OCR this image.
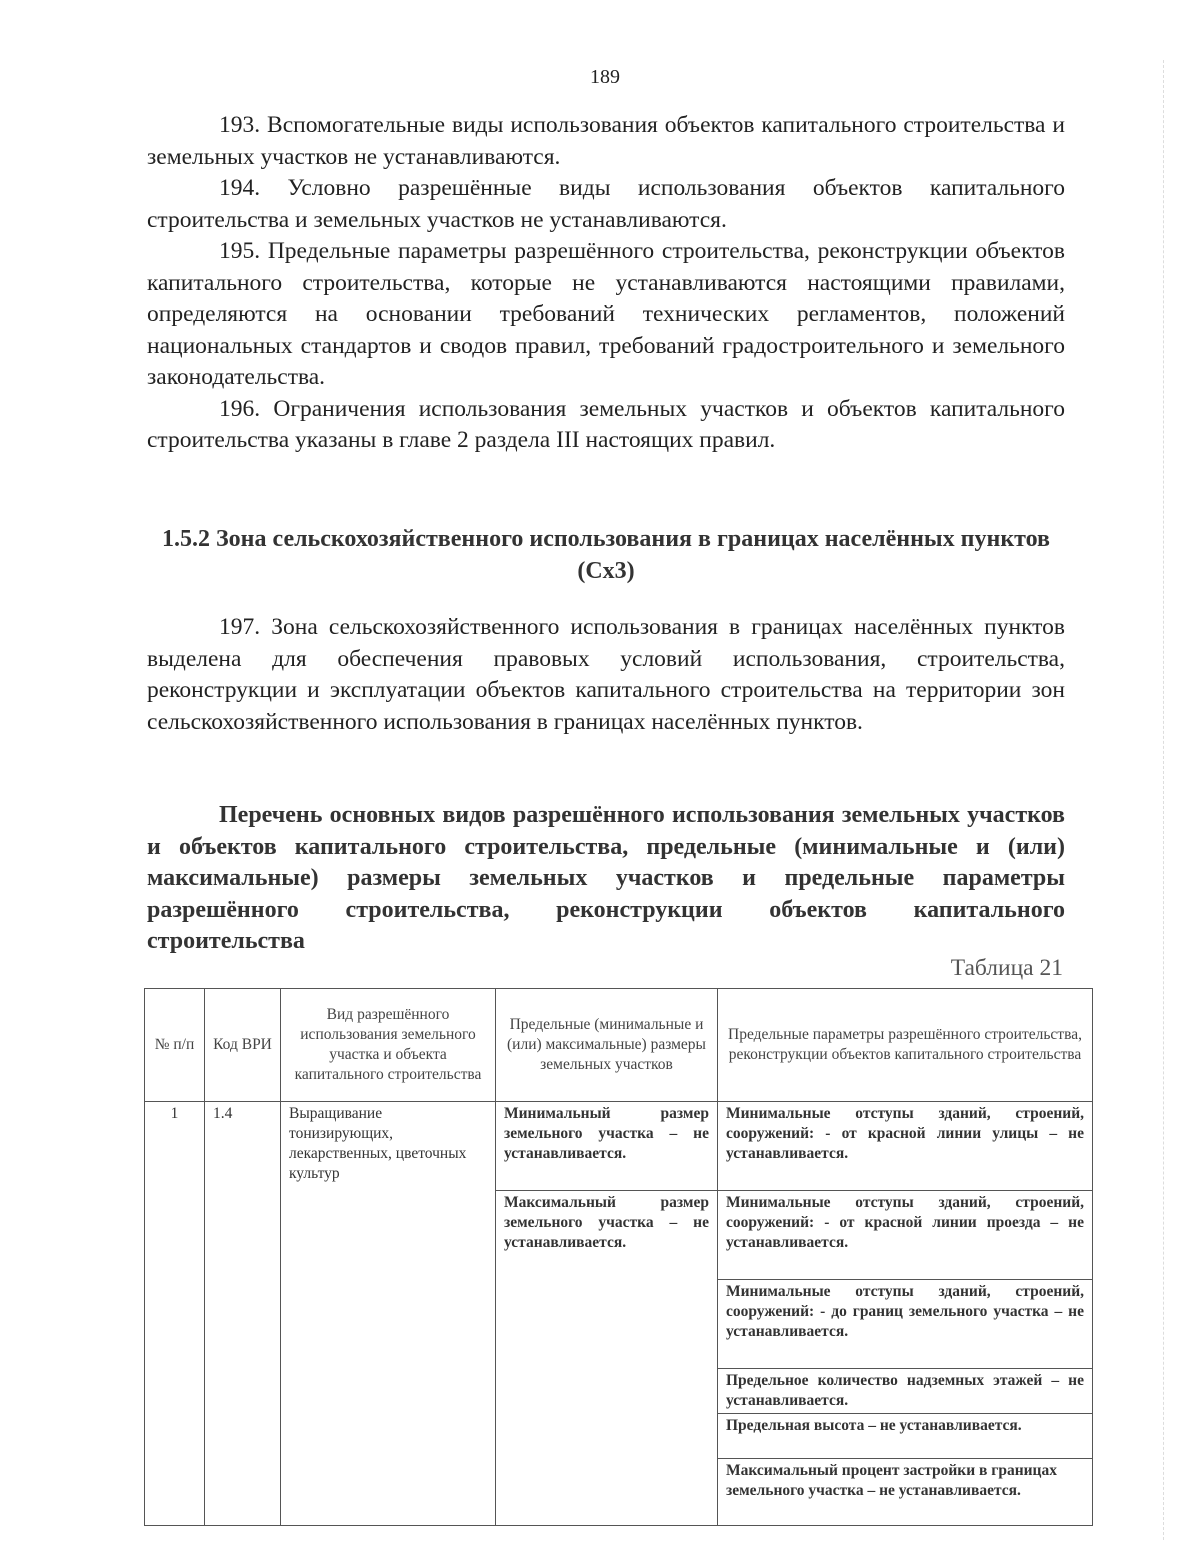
189

193. Вспомогательные виды использования объектов капитального строительства и земельных участков не устанавливаются.

194. Условно разрешённые виды использования объектов капитального строительства и земельных участков не устанавливаются.

195. Предельные параметры разрешённого строительства, реконструкции объектов капитального строительства, которые не устанавливаются настоящими правилами, определяются на основании требований технических регламентов, положений национальных стандартов и сводов правил, требований градостроительного и земельного законодательства.

196. Ограничения использования земельных участков и объектов капитального строительства указаны в главе 2 раздела III настоящих правил.

1.5.2 Зона сельскохозяйственного использования в границах населённых пунктов (Сх3)

197. Зона сельскохозяйственного использования в границах населённых пунктов выделена для обеспечения правовых условий использования, строительства, реконструкции и эксплуатации объектов капитального строительства на территории зон сельскохозяйственного использования в границах населённых пунктов.

Перечень основных видов разрешённого использования земельных участков и объектов капитального строительства, предельные (минимальные и (или) максимальные) размеры земельных участков и предельные параметры разрешённого строительства, реконструкции объектов капитального строительства
Таблица 21
№ п/п	Код ВРИ	Вид разрешённого использования земельного участка и объекта капитального строительства	Предельные (минимальные и (или) максимальные) размеры земельных участков	Предельные параметры разрешённого строительства, реконструкции объектов капитального строительства
1	1.4	Выращивание тонизирующих, лекарственных, цветочных культур	Минимальный размер земельного участка – не устанавливается.	Минимальные отступы зданий, строений, сооружений: - от красной линии улицы – не устанавливается.
			Максимальный размер земельного участка – не устанавливается.	Минимальные отступы зданий, строений, сооружений: - от красной линии проезда – не устанавливается.
				Минимальные отступы зданий, строений, сооружений: - до границ земельного участка – не устанавливается.
				Предельное количество надземных этажей – не устанавливается.
				Предельная высота – не устанавливается.
				Максимальный процент застройки в границах земельного участка – не устанавливается.
